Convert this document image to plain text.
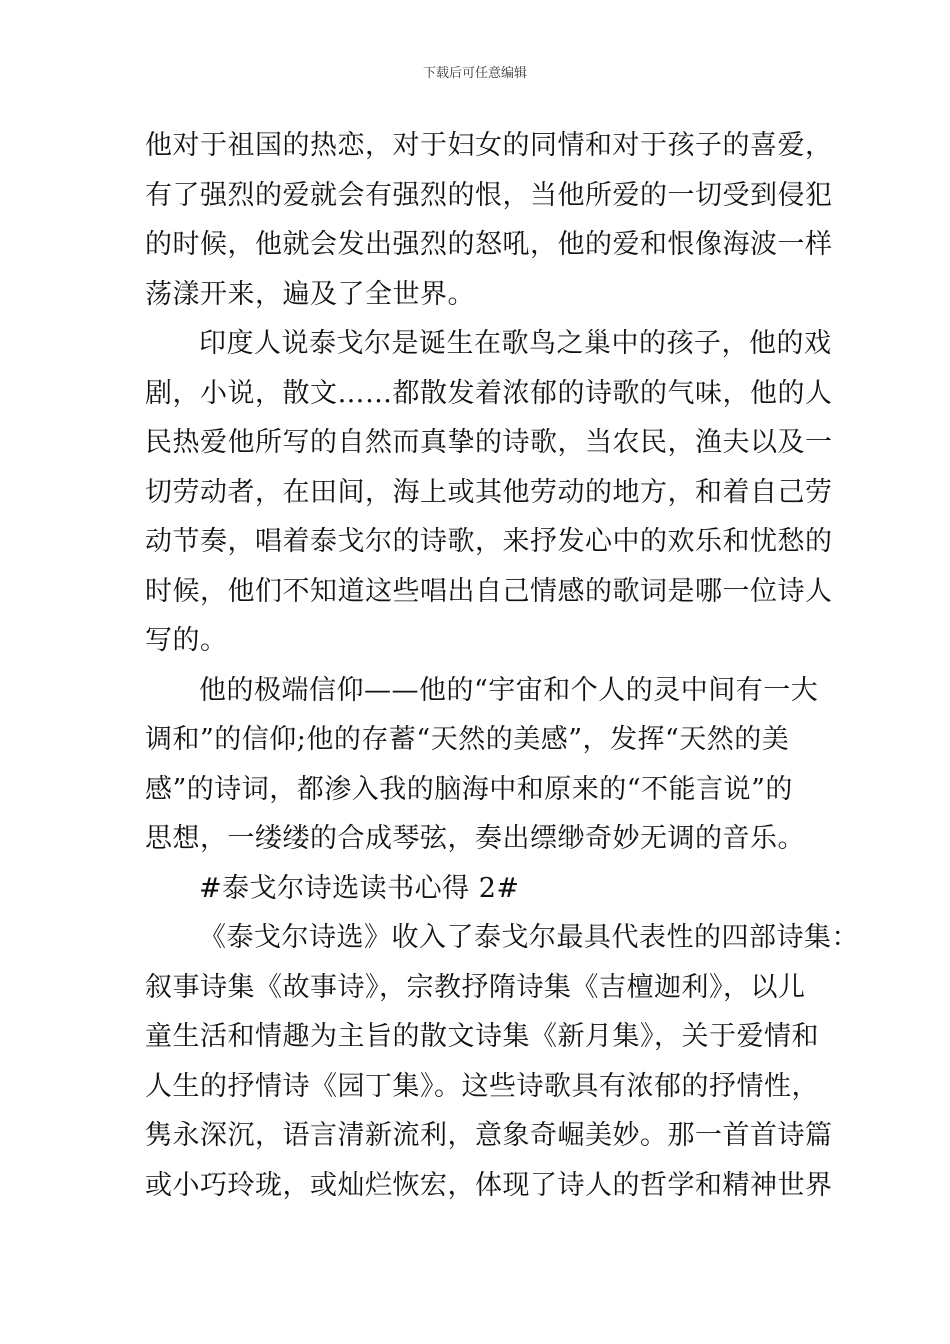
下载后可任意编辑
他对于祖国的热恋，对于妇女的同情和对于孩子的喜爱，
有了强烈的爱就会有强烈的恨，当他所爱的一切受到侵犯
的时候，他就会发出强烈的怒吼，他的爱和恨像海波一样
荡漾开来，遍及了全世界。
印度人说泰戈尔是诞生在歌鸟之巢中的孩子，他的戏
剧，小说，散文……都散发着浓郁的诗歌的气味，他的人
民热爱他所写的自然而真挚的诗歌，当农民，渔夫以及一
切劳动者，在田间，海上或其他劳动的地方，和着自己劳
动节奏，唱着泰戈尔的诗歌，来抒发心中的欢乐和忧愁的
时候，他们不知道这些唱出自己情感的歌词是哪一位诗人
写的。
他的极端信仰——他的“宇宙和个人的灵中间有一大
调和”的信仰;他的存蓄“天然的美感”，发挥“天然的美
感”的诗词，都渗入我的脑海中和原来的“不能言说”的
思想，一缕缕的合成琴弦，奏出缥缈奇妙无调的音乐。
#泰戈尔诗选读书心得 2#
《泰戈尔诗选》收入了泰戈尔最具代表性的四部诗集：
叙事诗集《故事诗》，宗教抒隋诗集《吉檀迦利》，以儿
童生活和情趣为主旨的散文诗集《新月集》，关于爱情和
人生的抒情诗《园丁集》。这些诗歌具有浓郁的抒情性，
隽永深沉，语言清新流利，意象奇崛美妙。那一首首诗篇
或小巧玲珑，或灿烂恢宏，体现了诗人的哲学和精神世界
